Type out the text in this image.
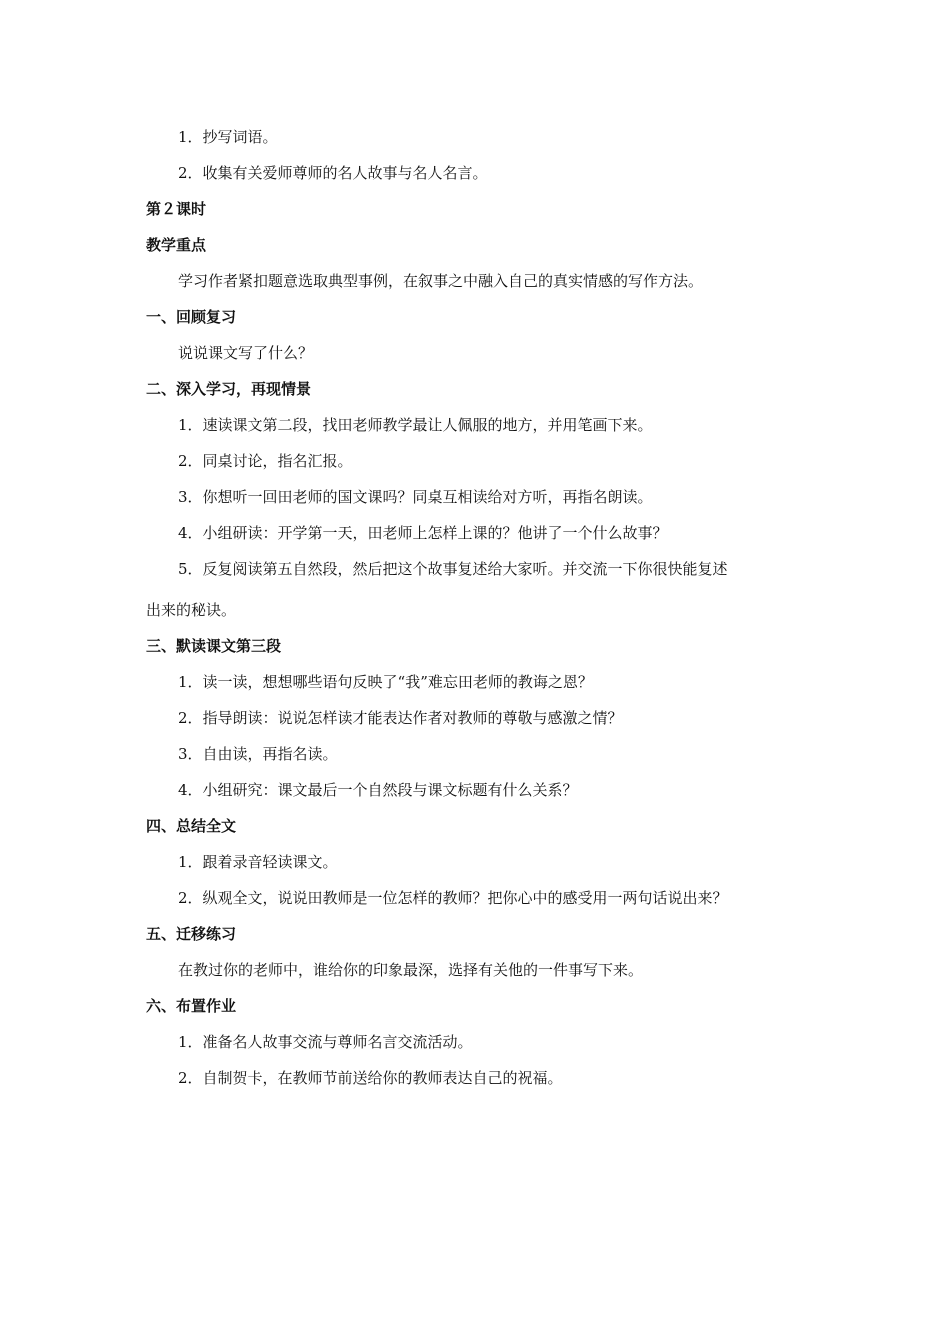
1．抄写词语。
2．收集有关爱师尊师的名人故事与名人名言。
第２课时
教学重点
学习作者紧扣题意选取典型事例，在叙事之中融入自己的真实情感的写作方法。
一、回顾复习
说说课文写了什么？
二、深入学习，再现情景
1．速读课文第二段，找田老师教学最让人佩服的地方，并用笔画下来。
2．同桌讨论，指名汇报。
3．你想听一回田老师的国文课吗？同桌互相读给对方听，再指名朗读。
4．小组研读：开学第一天，田老师上怎样上课的？他讲了一个什么故事？
5．反复阅读第五自然段，然后把这个故事复述给大家听。并交流一下你很快能复述
出来的秘诀。
三、默读课文第三段
1．读一读，想想哪些语句反映了“我”难忘田老师的教诲之恩？
2．指导朗读：说说怎样读才能表达作者对教师的尊敬与感激之情？
3．自由读，再指名读。
4．小组研究：课文最后一个自然段与课文标题有什么关系？
四、总结全文
1．跟着录音轻读课文。
2．纵观全文，说说田教师是一位怎样的教师？把你心中的感受用一两句话说出来？
五、迁移练习
在教过你的老师中，谁给你的印象最深，选择有关他的一件事写下来。
六、布置作业
1．准备名人故事交流与尊师名言交流活动。
2．自制贺卡，在教师节前送给你的教师表达自己的祝福。
